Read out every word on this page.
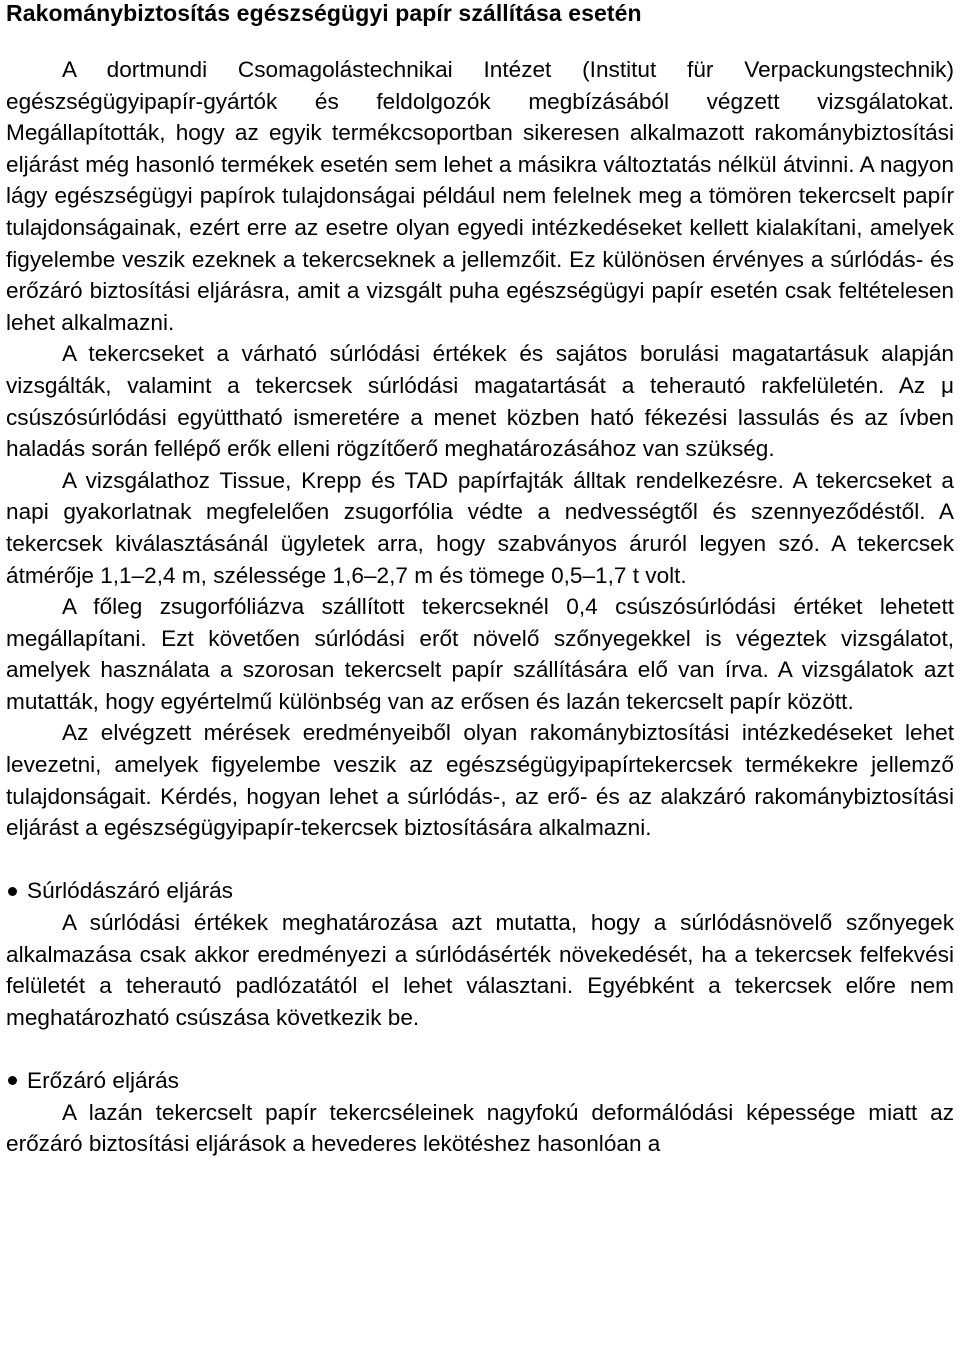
Rakománybiztosítás egészségügyi papír szállítása esetén

A dortmundi Csomagolástechnikai Intézet (Institut für Verpackungstechnik) egészségügyipapír-gyártók és feldolgozók megbízásából végzett vizsgálatokat. Megállapították, hogy az egyik termékcsoportban sikeresen alkalmazott rakománybiztosítási eljárást még hasonló termékek esetén sem lehet a másikra változtatás nélkül átvinni. A nagyon lágy egészségügyi papírok tulajdonságai például nem felelnek meg a tömören tekercselt papír tulajdonságainak, ezért erre az esetre olyan egyedi intézkedéseket kellett kialakítani, amelyek figyelembe veszik ezeknek a tekercseknek a jellemzőit. Ez különösen érvényes a súrlódás- és erőzáró biztosítási eljárásra, amit a vizsgált puha egészségügyi papír esetén csak feltételesen lehet alkalmazni.

A tekercseket a várható súrlódási értékek és sajátos borulási magatartásuk alapján vizsgálták, valamint a tekercsek súrlódási magatartását a teherautó rakfelületén. Az μ csúszósúrlódási együttható ismeretére a menet közben ható fékezési lassulás és az ívben haladás során fellépő erők elleni rögzítőerő meghatározásához van szükség.

A vizsgálathoz Tissue, Krepp és TAD papírfajták álltak rendelkezésre. A tekercseket a napi gyakorlatnak megfelelően zsugorfólia védte a nedvességtől és szennyeződéstől. A tekercsek kiválasztásánál ügyletek arra, hogy szabványos áruról legyen szó. A tekercsek átmérője 1,1–2,4 m, szélessége 1,6–2,7 m és tömege 0,5–1,7 t volt.

A főleg zsugorfóliázva szállított tekercseknél 0,4 csúszósúrlódási értéket lehetett megállapítani. Ezt követően súrlódási erőt növelő szőnyegekkel is végeztek vizsgálatot, amelyek használata a szorosan tekercselt papír szállítására elő van írva. A vizsgálatok azt mutatták, hogy egyértelmű különbség van az erősen és lazán tekercselt papír között.

Az elvégzett mérések eredményeiből olyan rakománybiztosítási intézkedéseket lehet levezetni, amelyek figyelembe veszik az egészségügyipapírtekercsek termékekre jellemző tulajdonságait. Kérdés, hogyan lehet a súrlódás-, az erő- és az alakzáró rakománybiztosítási eljárást a egészségügyipapír-tekercsek biztosítására alkalmazni.

Súrlódászáró eljárás

A súrlódási értékek meghatározása azt mutatta, hogy a súrlódásnövelő szőnyegek alkalmazása csak akkor eredményezi a súrlódásérték növekedését, ha a tekercsek felfekvési felületét a teherautó padlózatától el lehet választani. Egyébként a tekercsek előre nem meghatározható csúszása következik be.

Erőzáró eljárás

A lazán tekercselt papír tekercséleinek nagyfokú deformálódási képessége miatt az erőzáró biztosítási eljárások a hevederes lekötéshez hasonlóan a
